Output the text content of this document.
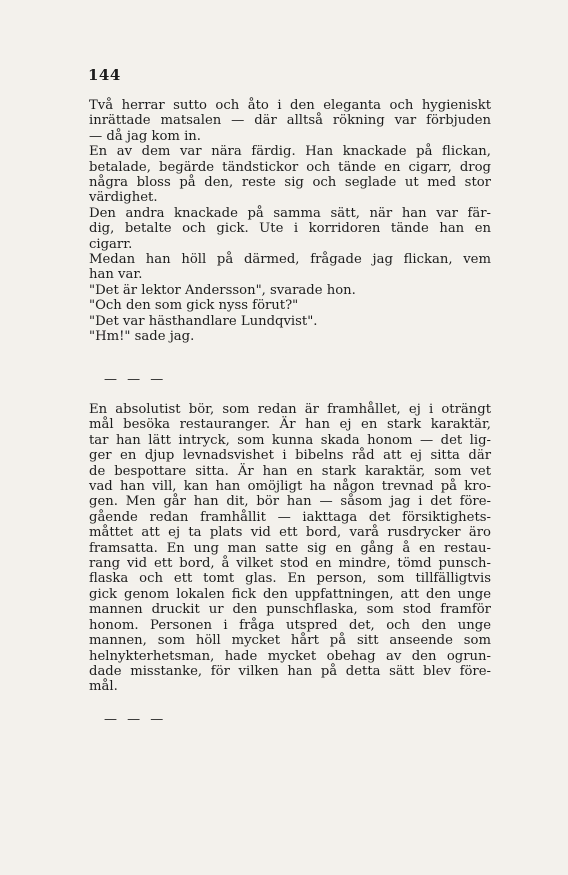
144
Två herrar sutto och åto i den eleganta och hygieniskt
inrättade matsalen — där alltså rökning var förbjuden
— då jag kom in.
En av dem var nära färdig. Han knackade på flickan,
betalade, begärde tändstickor och tände en cigarr, drog
några bloss på den, reste sig och seglade ut med stor
värdighet.
Den andra knackade på samma sätt, när han var fär-
dig, betalte och gick. Ute i korridoren tände han en
cigarr.
Medan han höll på därmed, frågade jag flickan, vem
han var.
"Det är lektor Andersson", svarade hon.
"Och den som gick nyss förut?"
"Det var hästhandlare Lundqvist".
"Hm!" sade jag.
— — —
En absolutist bör, som redan är framhållet, ej i oträngt
mål besöka restauranger. Är han ej en stark karaktär,
tar han lätt intryck, som kunna skada honom — det lig-
ger en djup levnadsvishet i bibelns råd att ej sitta där
de bespottare sitta. Är han en stark karaktär, som vet
vad han vill, kan han omöjligt ha någon trevnad på kro-
gen. Men går han dit, bör han — såsom jag i det före-
gående redan framhållit — iakttaga det försiktighets-
måttet att ej ta plats vid ett bord, varå rusdrycker äro
framsatta. En ung man satte sig en gång å en restau-
rang vid ett bord, å vilket stod en mindre, tömd punsch-
flaska och ett tomt glas. En person, som tillfälligtvis
gick genom lokalen fick den uppfattningen, att den unge
mannen druckit ur den punschflaska, som stod framför
honom. Personen i fråga utspred det, och den unge
mannen, som höll mycket hårt på sitt anseende som
helnykterhetsman, hade mycket obehag av den ogrun-
dade misstanke, för vilken han på detta sätt blev före-
mål.
— — —
